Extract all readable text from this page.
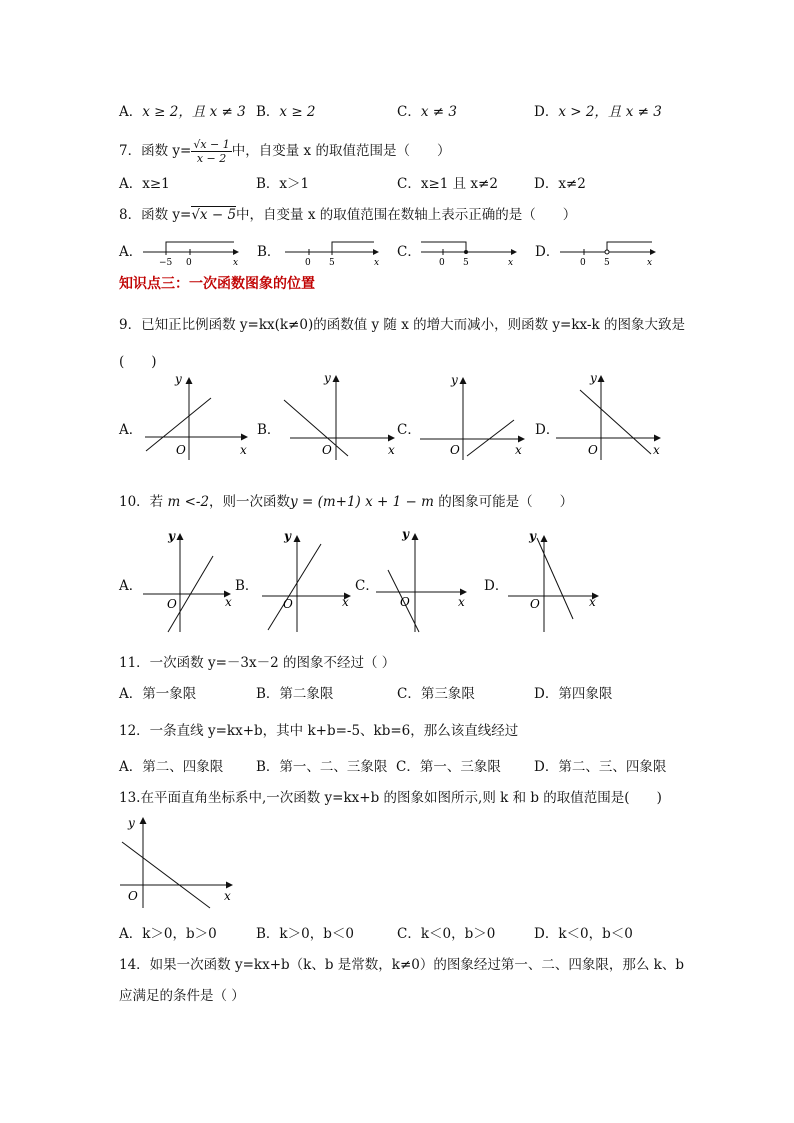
A．x ≥ 2，且 x ≠ 3 B．x ≥ 2	C．x ≠ 3	D．x > 2，且 x ≠ 3
7．函数 $y= \frac{√x - 1}{x - 2}$ 中，自变量 x 的取值范围是（　　）
A．x≥1	B．x＞1	C．x≥1 且 x≠2	D．x≠2
8．函数 y=√x − 5中，自变量 x 的取值范围在数轴上表示正确的是（　　）
A．	B．	C．	D．
−5 0	x	0 5	x	0 5	x	0 5	x
知识点三：一次函数图象的位置
9．已知正比例函数 y=kx(k≠0)的函数值 y 随 x 的增大而减小，则函数 y=kx-k 的图象大致是
(　　)
A．	B．	C．	D．
y
O	x
y
O	x
y
O	x
y
O	x
10．若 m <-2，则一次函数y = (m+1) x + 1 − m 的图象可能是（　　）
A．	B．	C．	D．
y
O	x
y
O	x
y
O	x
y
O	x
11．一次函数 y=－3x－2 的图象不经过（ ）
A．第一象限	B．第二象限	C．第三象限	D．第四象限
12．一条直线 y=kx+b，其中 k+b=-5、kb=6，那么该直线经过
A．第二、四象限 B．第一、二、三象限 C．第一、三象限 D．第二、三、四象限
13.在平面直角坐标系中,一次函数 y=kx+b 的图象如图所示,则 k 和 b 的取值范围是(　　)
y
O	x
A．k＞0，b＞0	B．k＞0，b＜0	C．k＜0，b＞0	D．k＜0，b＜0
14．如果一次函数 y=kx+b（k、b 是常数，k≠0）的图象经过第一、二、四象限，那么 k、b
应满足的条件是（ ）
